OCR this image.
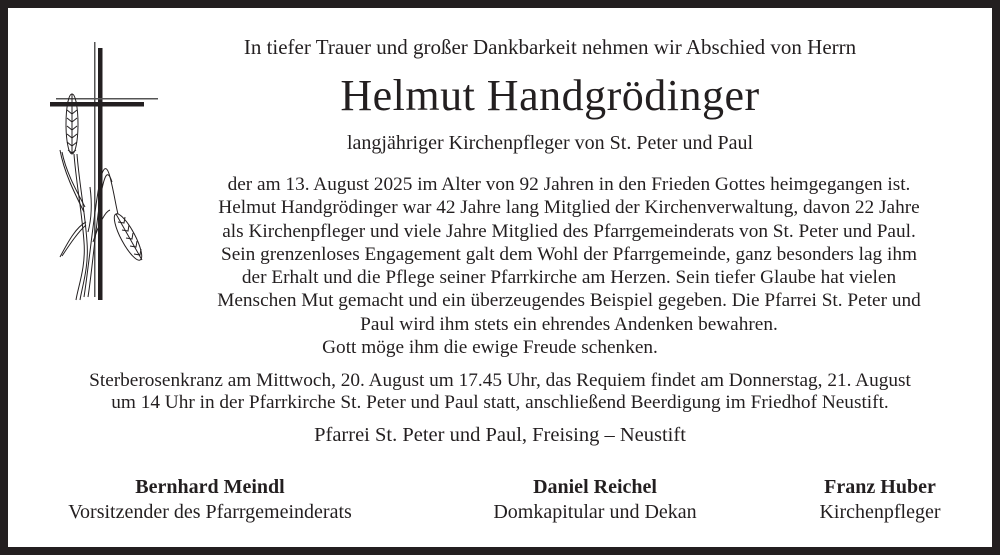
In tiefer Trauer und großer Dankbarkeit nehmen wir Abschied von Herrn
Helmut Handgrödinger
langjähriger Kirchenpfleger von St. Peter und Paul
der am 13. August 2025 im Alter von 92 Jahren in den Frieden Gottes heimgegangen ist.
Helmut Handgrödinger war 42 Jahre lang Mitglied der Kirchenverwaltung, davon 22 Jahre
als Kirchenpfleger und viele Jahre Mitglied des Pfarrgemeinderats von St. Peter und Paul.
Sein grenzenloses Engagement galt dem Wohl der Pfarrgemeinde, ganz besonders lag ihm
der Erhalt und die Pflege seiner Pfarrkirche am Herzen. Sein tiefer Glaube hat vielen
Menschen Mut gemacht und ein überzeugendes Beispiel gegeben. Die Pfarrei St. Peter und
Paul wird ihm stets ein ehrendes Andenken bewahren.
Gott möge ihm die ewige Freude schenken.
Sterberosenkranz am Mittwoch, 20. August um 17.45 Uhr, das Requiem findet am Donnerstag, 21. August
um 14 Uhr in der Pfarrkirche St. Peter und Paul statt, anschließend Beerdigung im Friedhof Neustift.
Pfarrei St. Peter und Paul, Freising – Neustift
Bernhard Meindl
Vorsitzender des Pfarrgemeinderats
Daniel Reichel
Domkapitular und Dekan
Franz Huber
Kirchenpfleger
